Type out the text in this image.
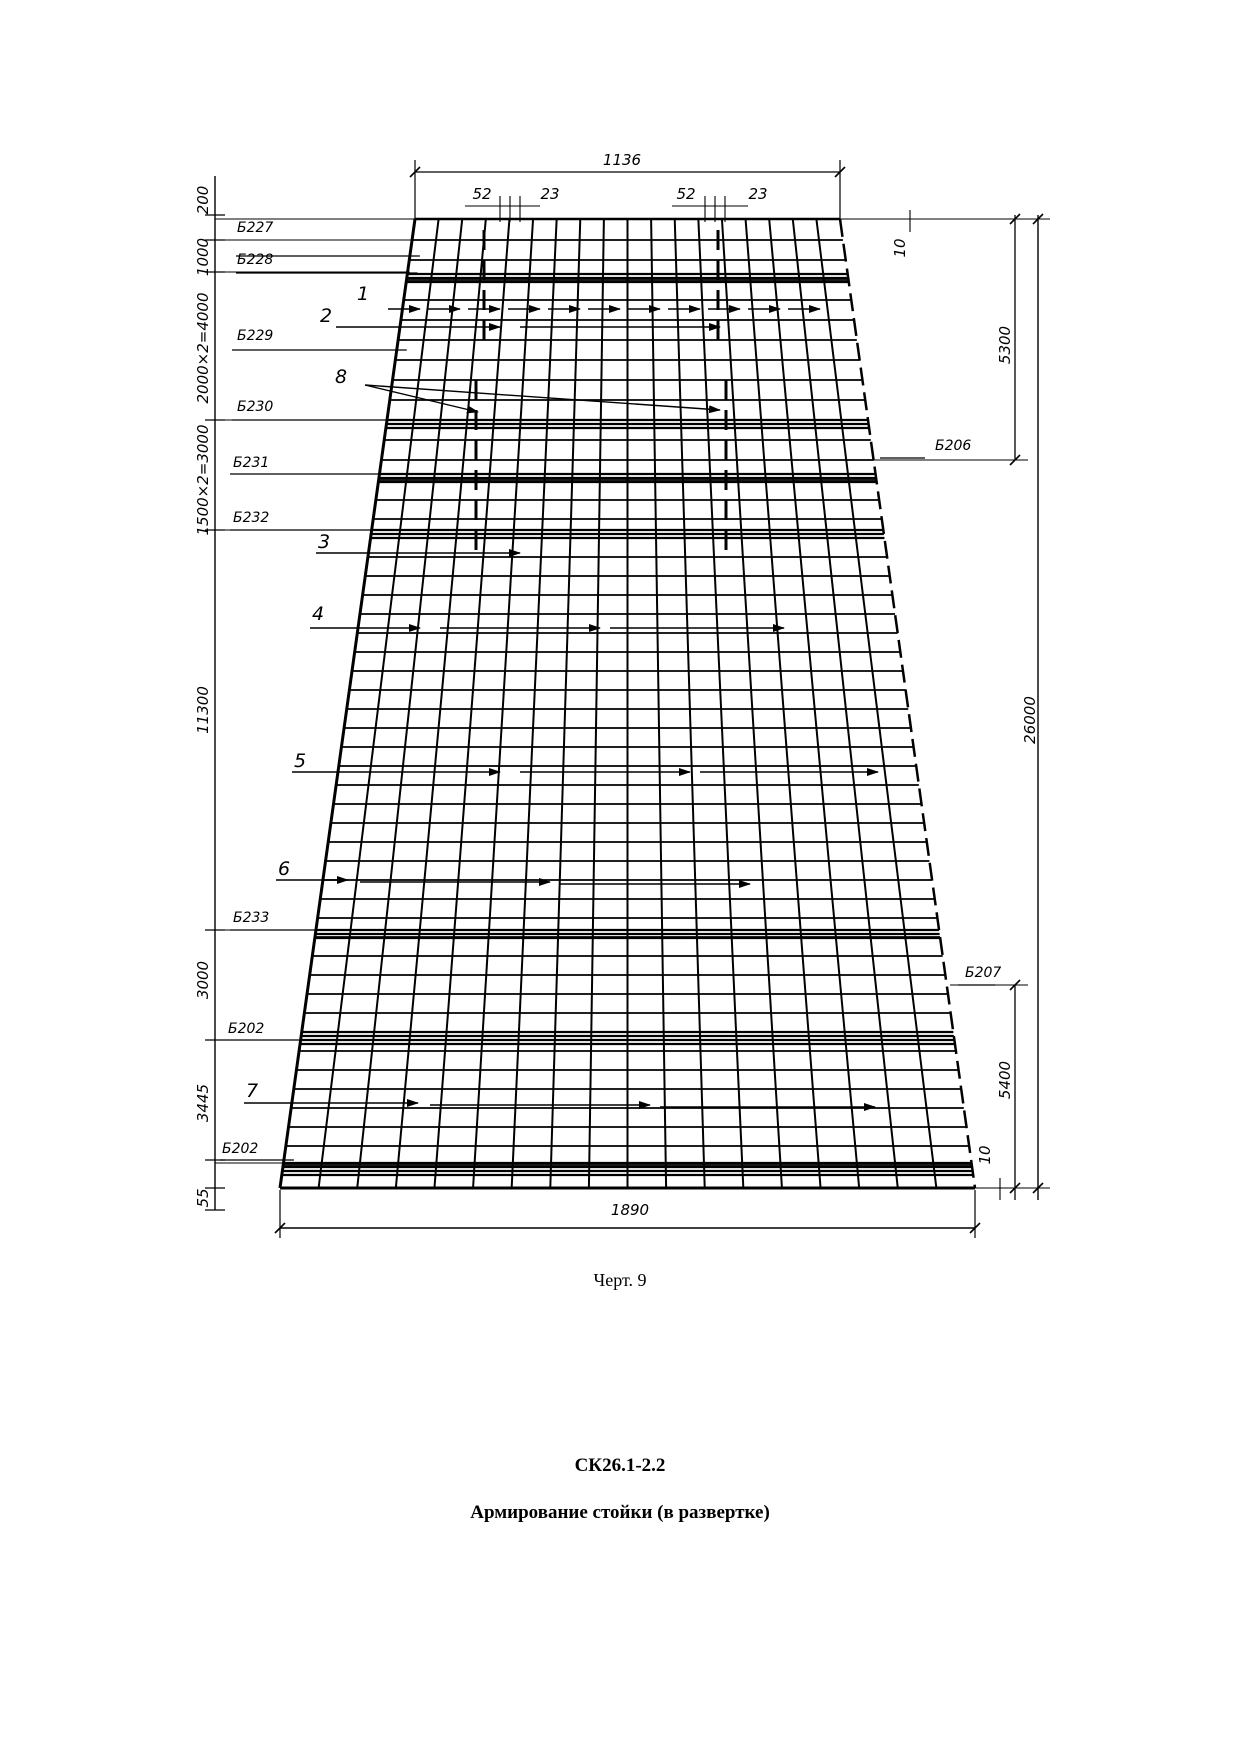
1136
52	23	52	23
200
1000
2000×2=4000
1500×2=3000
11300
3000
3445
55
10
5300
26000
5400
10
1890
Б227
Б228
Б229
Б230
Б231
Б232
Б233
Б202
Б202
Б206
Б207
1
2
3
4
5
6
7
8
Черт. 9
СК26.1-2.2
Армирование стойки (в развертке)
